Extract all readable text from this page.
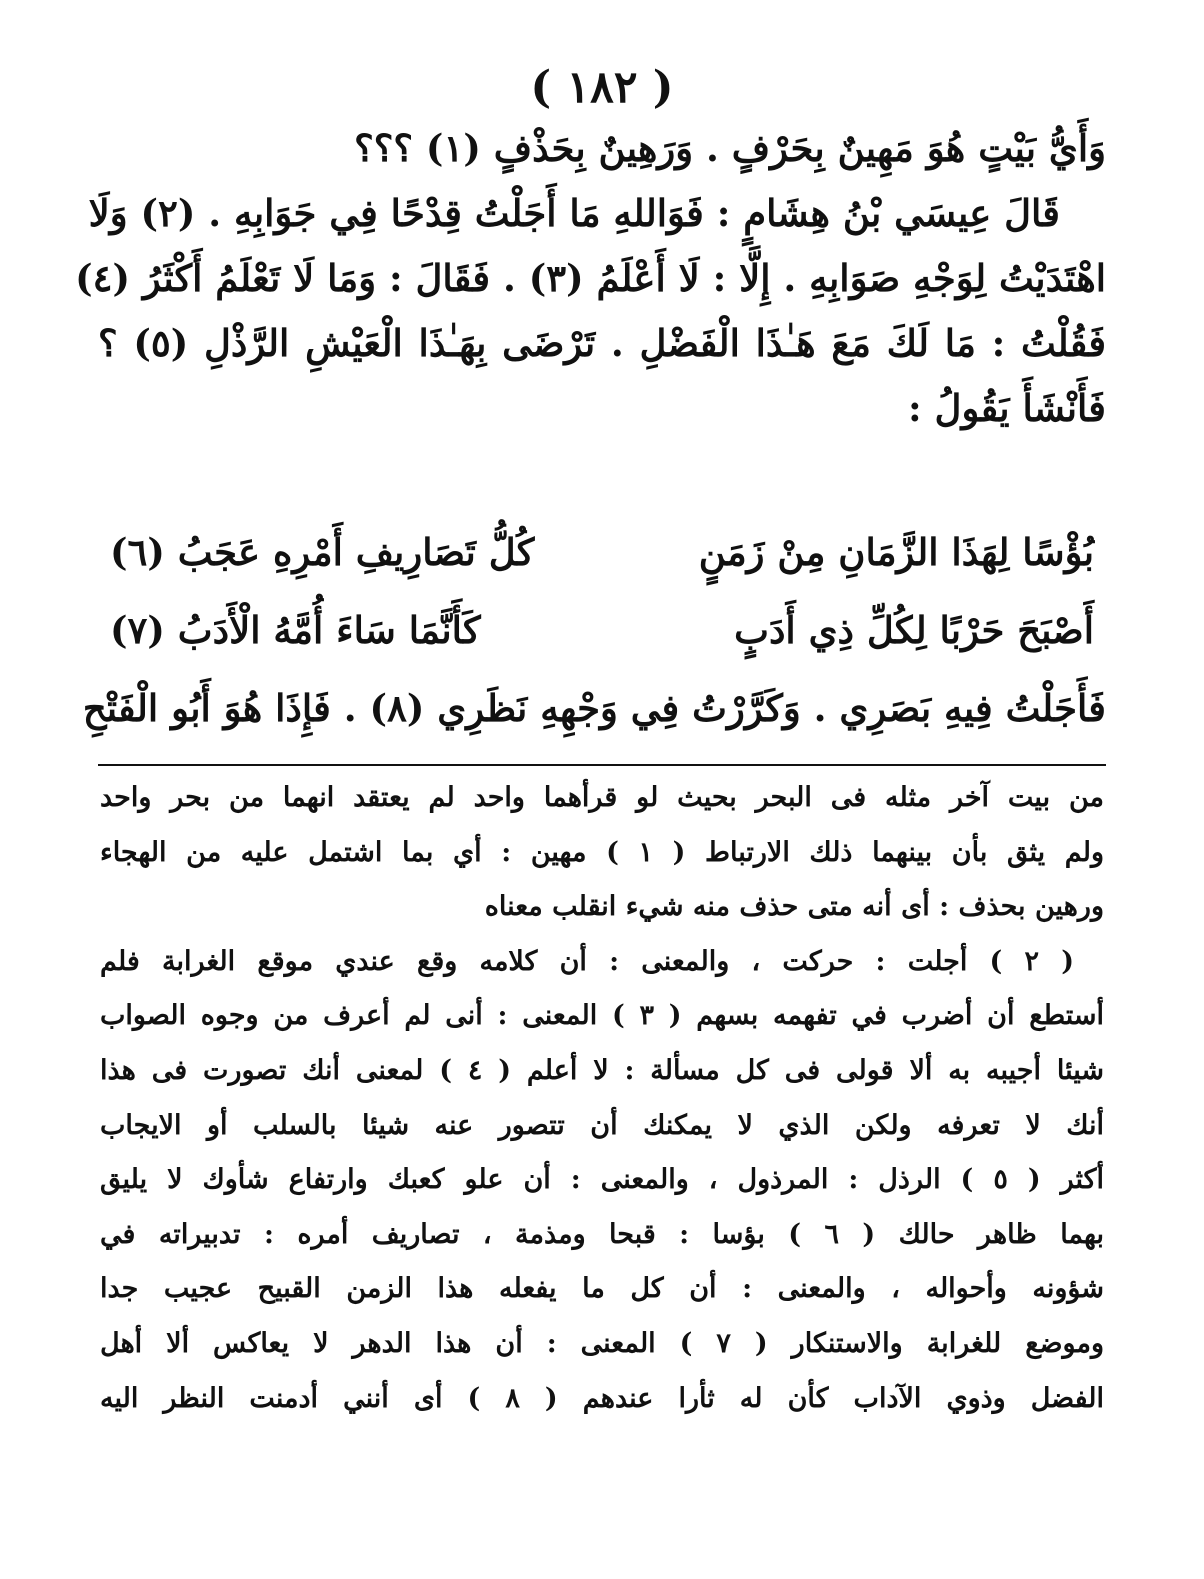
( ١٨٢ )
وَأَيُّ بَيْتٍ هُوَ مَهِينٌ بِحَرْفٍ . وَرَهِينٌ بِحَذْفٍ (١) ؟؟؟
قَالَ عِيسَي بْنُ هِشَامٍ : فَوَاللهِ مَا أَجَلْتُ قِدْحًا فِي جَوَابِهِ . (٢) وَلَا
اهْتَدَيْتُ لِوَجْهِ صَوَابِهِ . إِلَّا : لَا أَعْلَمُ (٣) . فَقَالَ : وَمَا لَا تَعْلَمُ أَكْثَرُ (٤)
فَقُلْتُ : مَا لَكَ مَعَ هَـٰذَا الْفَضْلِ . تَرْضَى بِهَـٰذَا الْعَيْشِ الرَّذْلِ (٥) ؟
فَأَنْشَأَ يَقُولُ :
بُؤْسًا لِهَذَا الزَّمَانِ مِنْ زَمَنٍ
كُلُّ تَصَارِيفِ أَمْرِهِ عَجَبُ (٦)
أَصْبَحَ حَرْبًا لِكُلِّ ذِي أَدَبٍ
كَأَنَّمَا سَاءَ أُمَّهُ الْأَدَبُ (٧)
فَأَجَلْتُ فِيهِ بَصَرِي . وَكَرَّرْتُ فِي وَجْهِهِ نَظَرِي (٨) . فَإِذَا هُوَ أَبُو الْفَتْحِ
من بيت آخر مثله فى البحر بحيث لو قرأهما واحد لم يعتقد انهما من بحر واحد
ولم يثق بأن بينهما ذلك الارتباط ( ١ ) مهين : أي بما اشتمل عليه من الهجاء
ورهين بحذف : أى أنه متى حذف منه شيء انقلب معناه
( ٢ ) أجلت : حركت ، والمعنى : أن كلامه وقع عندي موقع الغرابة فلم
أستطع أن أضرب في تفهمه بسهم ( ٣ ) المعنى : أنى لم أعرف من وجوه الصواب
شيئا أجيبه به ألا قولى فى كل مسألة : لا أعلم ( ٤ ) لمعنى أنك تصورت فى هذا
أنك لا تعرفه ولكن الذي لا يمكنك أن تتصور عنه شيئا بالسلب أو الايجاب
أكثر ( ٥ ) الرذل : المرذول ، والمعنى : أن علو كعبك وارتفاع شأوك لا يليق
بهما ظاهر حالك ( ٦ ) بؤسا : قبحا ومذمة ، تصاريف أمره : تدبيراته في
شؤونه وأحواله ، والمعنى : أن كل ما يفعله هذا الزمن القبيح عجيب جدا
وموضع للغرابة والاستنكار ( ٧ ) المعنى : أن هذا الدهر لا يعاكس ألا أهل
الفضل وذوي الآداب كأن له ثأرا عندهم ( ٨ ) أى أنني أدمنت النظر اليه
